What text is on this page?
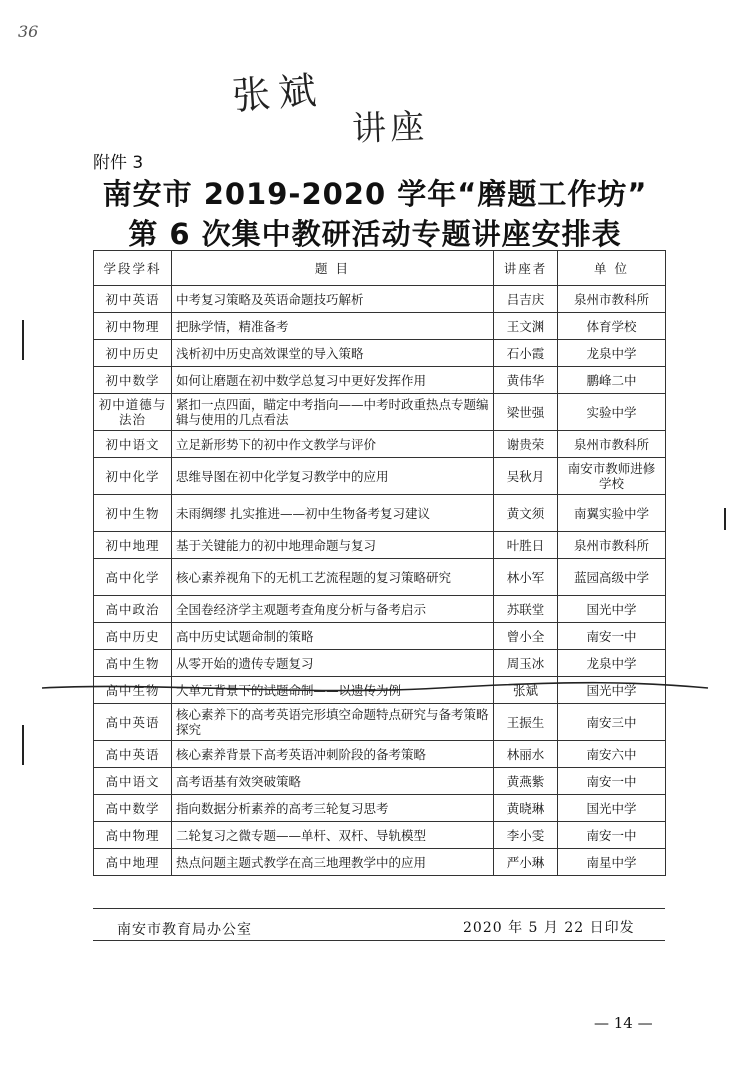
36
张斌
讲座
附件 3
南安市 2019-2020 学年“磨题工作坊”
第 6 次集中教研活动专题讲座安排表
学段学科	题 目	讲座者	单 位
初中英语	中考复习策略及英语命题技巧解析	吕吉庆	泉州市教科所
初中物理	把脉学情，精准备考	王文渊	体育学校
初中历史	浅析初中历史高效课堂的导入策略	石小霞	龙泉中学
初中数学	如何让磨题在初中数学总复习中更好发挥作用	黄伟华	鹏峰二中
初中道德与法治	紧扣一点四面，瞄定中考指向——中考时政重热点专题编辑与使用的几点看法	梁世强	实验中学
初中语文	立足新形势下的初中作文教学与评价	谢贵荣	泉州市教科所
初中化学	思维导图在初中化学复习教学中的应用	吴秋月	南安市教师进修学校
初中生物	未雨绸缪 扎实推进——初中生物备考复习建议	黄文须	南翼实验中学
初中地理	基于关键能力的初中地理命题与复习	叶胜日	泉州市教科所
高中化学	核心素养视角下的无机工艺流程题的复习策略研究	林小军	蓝园高级中学
高中政治	全国卷经济学主观题考查角度分析与备考启示	苏联堂	国光中学
高中历史	高中历史试题命制的策略	曾小全	南安一中
高中生物	从零开始的遗传专题复习	周玉冰	龙泉中学
高中生物	大单元背景下的试题命制——以遗传为例	张斌	国光中学
高中英语	核心素养下的高考英语完形填空命题特点研究与备考策略探究	王振生	南安三中
高中英语	核心素养背景下高考英语冲刺阶段的备考策略	林丽水	南安六中
高中语文	高考语基有效突破策略	黄燕紫	南安一中
高中数学	指向数据分析素养的高考三轮复习思考	黄晓琳	国光中学
高中物理	二轮复习之微专题——单杆、双杆、导轨模型	李小雯	南安一中
高中地理	热点问题主题式教学在高三地理教学中的应用	严小琳	南星中学
南安市教育局办公室	2020 年 5 月 22 日印发
— 14 —
